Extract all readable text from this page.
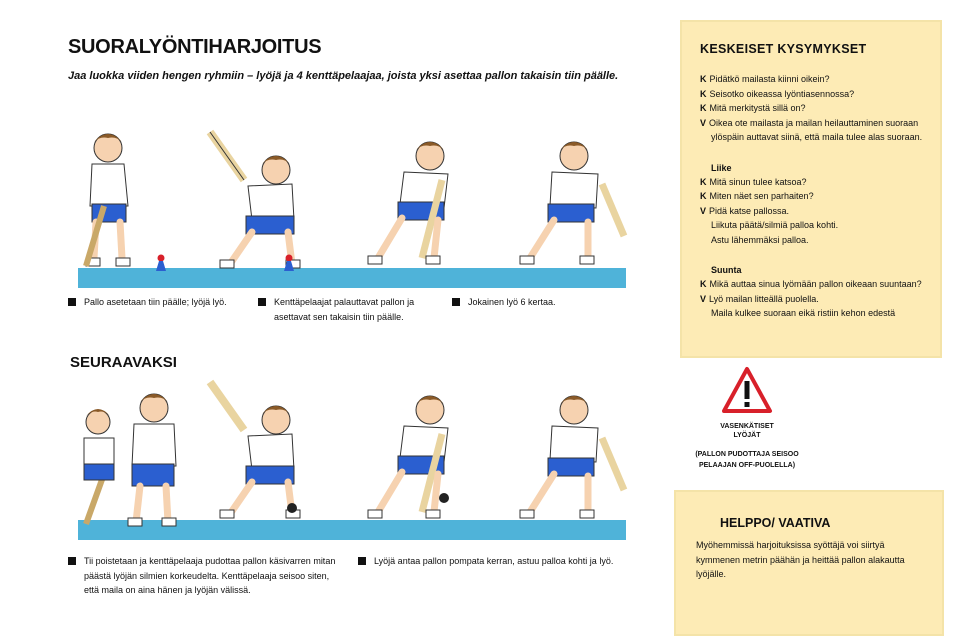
SUORALYÖNTIHARJOITUS
Jaa luokka viiden hengen ryhmiin – lyöjä ja 4 kenttäpelaajaa, joista yksi asettaa pallon takaisin tiin päälle.
Pallo asetetaan tiin päälle; lyöjä lyö.	Kenttäpelaajat palauttavat pallon ja
asettavat sen takaisin tiin päälle.
Jokainen lyö 6 kertaa.
KESKEISET KYSYMYKSET
K Pidätkö mailasta kiinni oikein?
K Seisotko oikeassa lyöntiasennossa?
K Mitä merkitystä sillä on?
V Oikea ote mailasta ja mailan heilauttaminen suoraan
ylöspäin auttavat siinä, että maila tulee alas suoraan.
Liike
K Mitä sinun tulee katsoa?
K Miten näet sen parhaiten?
V Pidä katse pallossa.
Liikuta päätä/silmiä palloa kohti.
Astu lähemmäksi palloa.
Suunta
K Mikä auttaa sinua lyömään pallon oikeaan suuntaan?
V Lyö mailan litteällä puolella.
Maila kulkee suoraan eikä ristiin kehon edestä
SEURAAVAKSI
Tii poistetaan ja kenttäpelaaja pudottaa pallon käsivarren mitan
päästä lyöjän silmien korkeudelta. Kenttäpelaaja seisoo siten,
että maila on aina hänen ja lyöjän välissä.
Lyöjä antaa pallon pompata kerran, astuu palloa kohti ja lyö.
VASENKÄTISET
LYÖJÄT
(PALLON PUDOTTAJA SEISOO
PELAAJAN OFF-PUOLELLA)
HELPPO/ VAATIVA
Myöhemmissä harjoituksissa syöttäjä voi siirtyä kymmenen metrin päähän ja heittää pallon alakautta lyöjälle.
